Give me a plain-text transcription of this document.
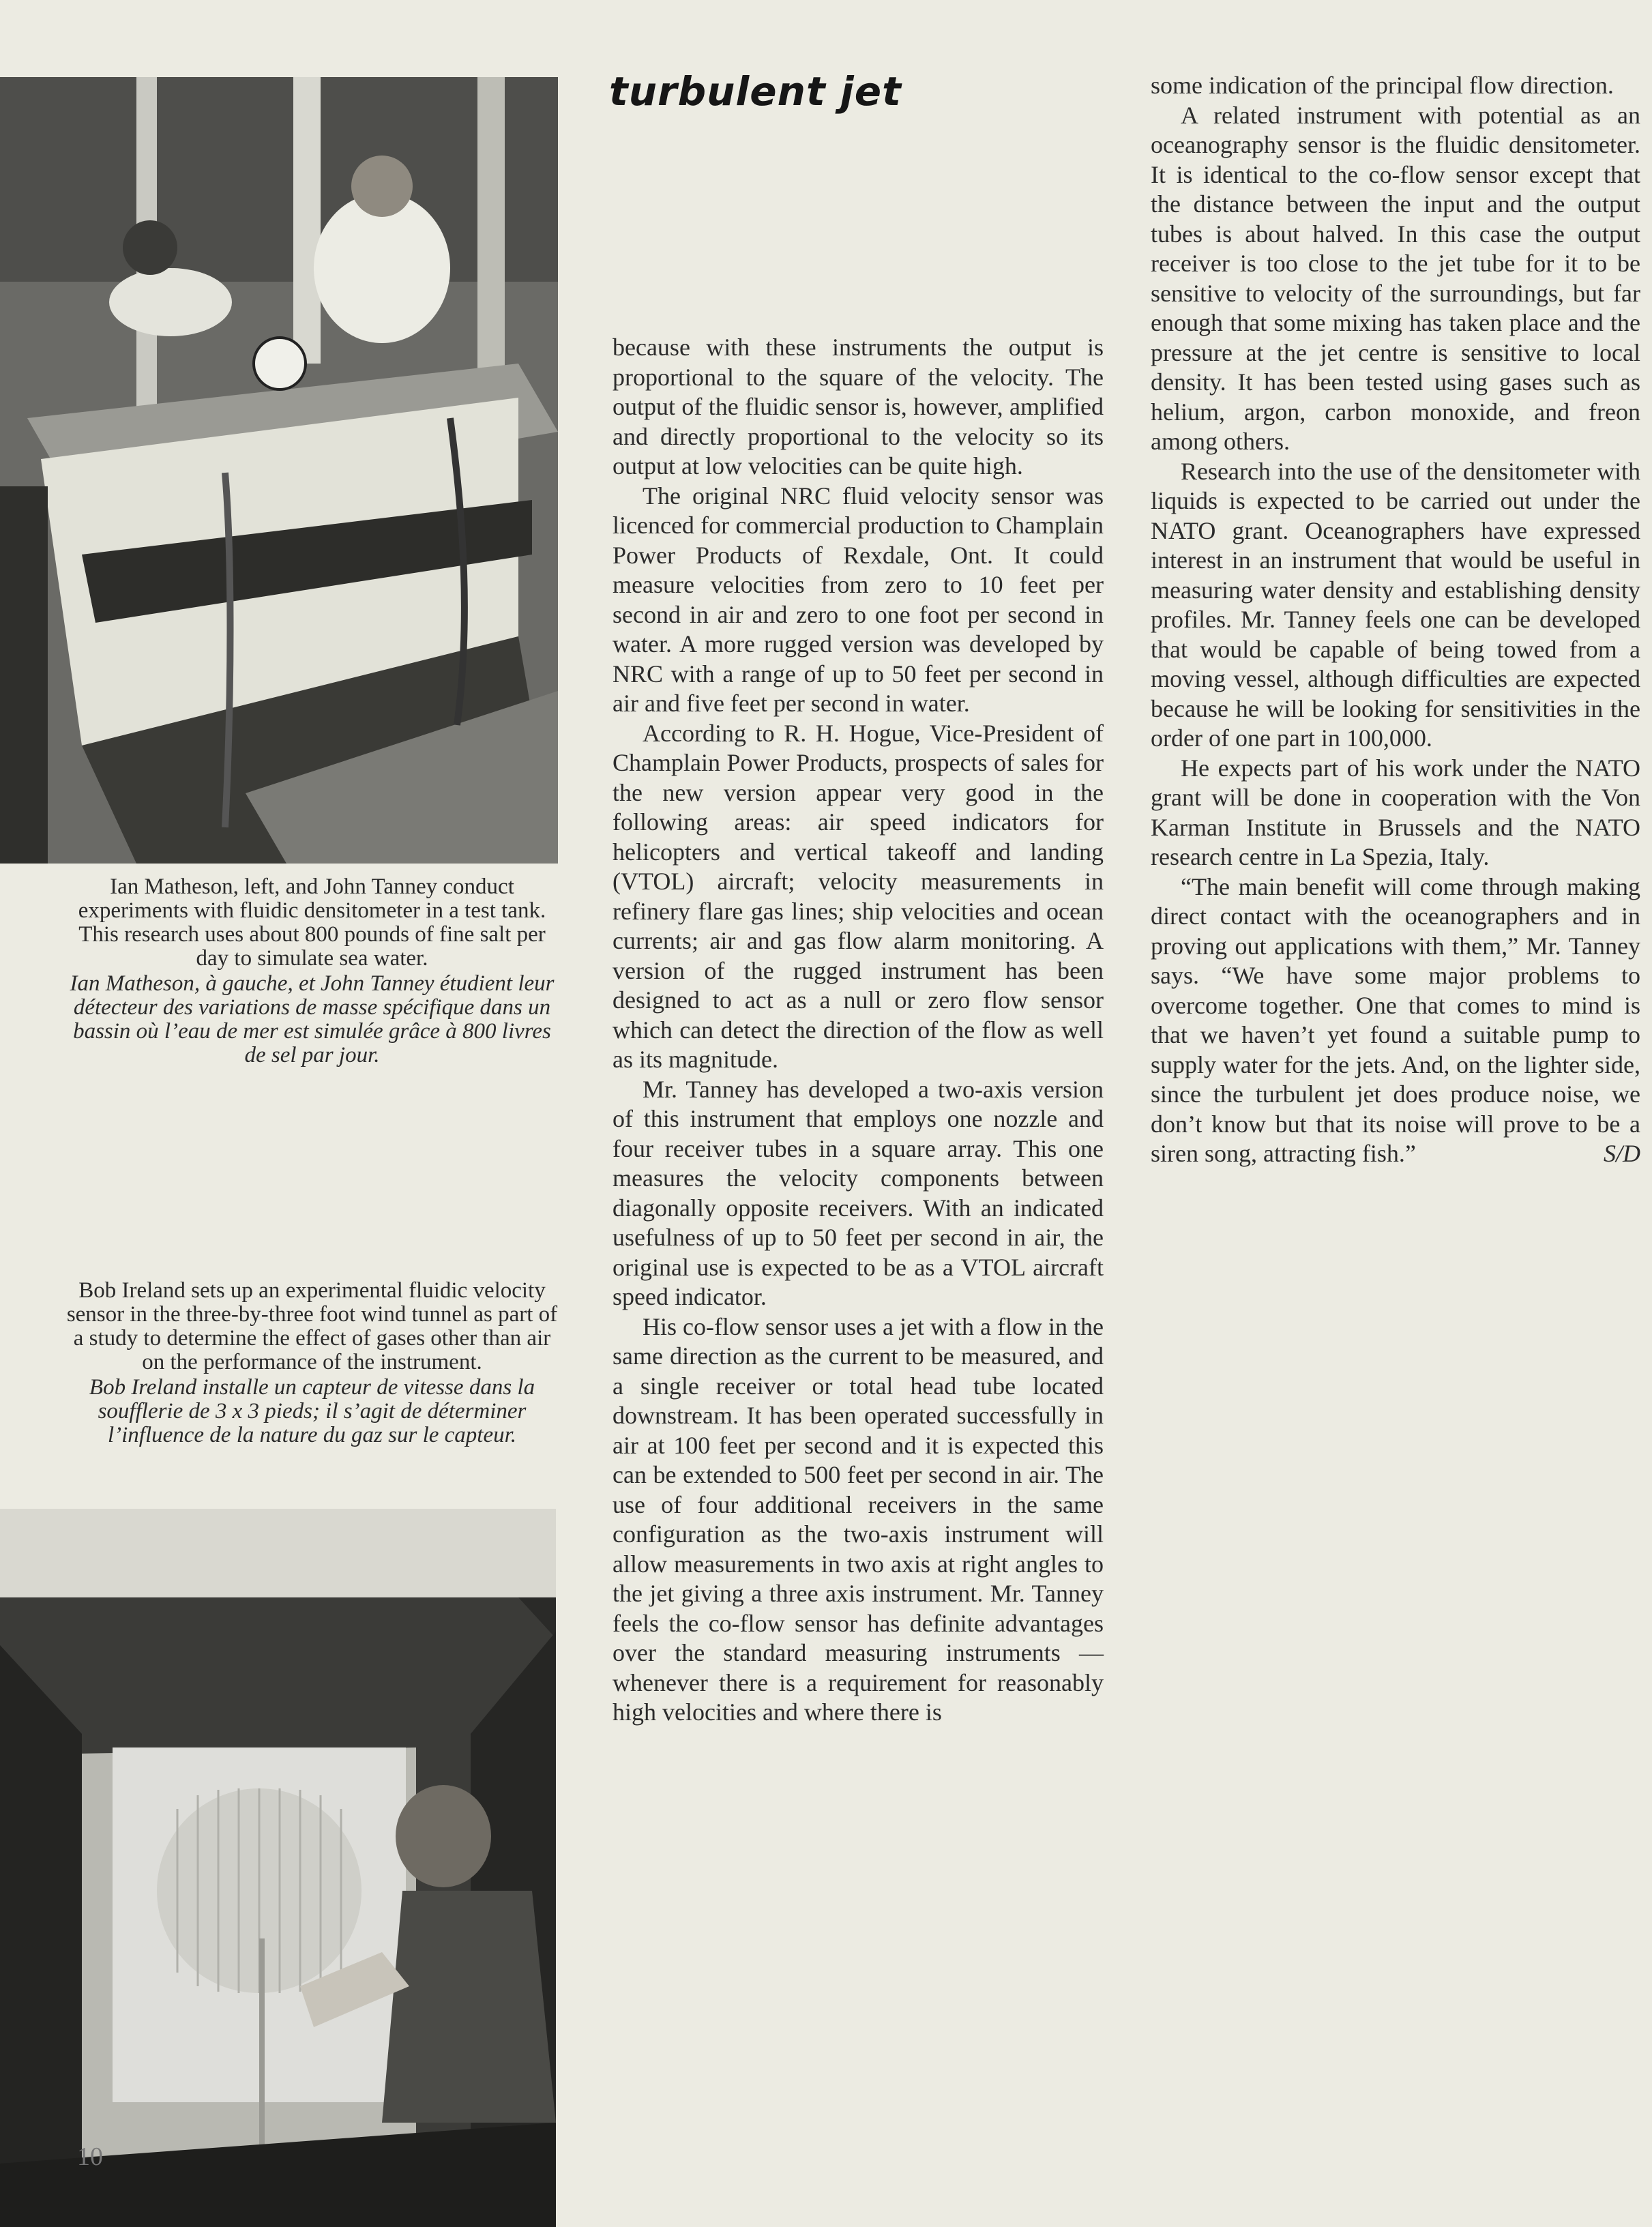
Ian Matheson, left, and John Tanney conduct experiments with fluidic densitometer in a test tank. This research uses about 800 pounds of fine salt per day to simulate sea water.

Ian Matheson, à gauche, et John Tanney étudient leur détecteur des variations de masse spécifique dans un bassin où l’eau de mer est simulée grâce à 800 livres de sel par jour.

Bob Ireland sets up an experimental fluidic velocity sensor in the three-by-three foot wind tunnel as part of a study to determine the effect of gases other than air on the performance of the instrument.

Bob Ireland installe un capteur de vitesse dans la soufflerie de 3 x 3 pieds; il s’agit de déterminer l’influence de la nature du gaz sur le capteur.

turbulent jet

because with these instruments the output is proportional to the square of the velocity. The output of the fluidic sensor is, however, amplified and directly proportional to the velocity so its output at low velocities can be quite high.

The original NRC fluid velocity sensor was licenced for commercial production to Champlain Power Products of Rexdale, Ont. It could measure velocities from zero to 10 feet per second in air and zero to one foot per second in water. A more rugged version was developed by NRC with a range of up to 50 feet per second in air and five feet per second in water.

According to R. H. Hogue, Vice-President of Champlain Power Products, prospects of sales for the new version appear very good in the following areas: air speed indicators for helicopters and vertical takeoff and landing (VTOL) aircraft; velocity measurements in refinery flare gas lines; ship velocities and ocean currents; air and gas flow alarm monitoring. A version of the rugged instrument has been designed to act as a null or zero flow sensor which can detect the direction of the flow as well as its magnitude.

Mr. Tanney has developed a two-axis version of this instrument that employs one nozzle and four receiver tubes in a square array. This one measures the velocity components between diagonally opposite receivers. With an indicated usefulness of up to 50 feet per second in air, the original use is expected to be as a VTOL aircraft speed indicator.

His co-flow sensor uses a jet with a flow in the same direction as the current to be measured, and a single receiver or total head tube located downstream. It has been operated successfully in air at 100 feet per second and it is expected this can be extended to 500 feet per second in air. The use of four additional receivers in the same configuration as the two-axis instrument will allow measurements in two axis at right angles to the jet giving a three axis instrument. Mr. Tanney feels the co-flow sensor has definite advantages over the standard measuring instruments — whenever there is a requirement for reasonably high velocities and where there is

some indication of the principal flow direction.

A related instrument with potential as an oceanography sensor is the fluidic densitometer. It is identical to the co-flow sensor except that the distance between the input and the output tubes is about halved. In this case the output receiver is too close to the jet tube for it to be sensitive to velocity of the surroundings, but far enough that some mixing has taken place and the pressure at the jet centre is sensitive to local density. It has been tested using gases such as helium, argon, carbon monoxide, and freon among others.

Research into the use of the densitometer with liquids is expected to be carried out under the NATO grant. Oceanographers have expressed interest in an instrument that would be useful in measuring water density and establishing density profiles. Mr. Tanney feels one can be developed that would be capable of being towed from a moving vessel, although difficulties are expected because he will be looking for sensitivities in the order of one part in 100,000.

He expects part of his work under the NATO grant will be done in cooperation with the Von Karman Institute in Brussels and the NATO research centre in La Spezia, Italy.

“The main benefit will come through making direct contact with the oceanographers and in proving out applications with them,” Mr. Tanney says. “We have some major problems to overcome together. One that comes to mind is that we haven’t yet found a suitable pump to supply water for the jets. And, on the lighter side, since the turbulent jet does produce noise, we don’t know but that its noise will prove to be a siren song, attracting fish.”	S/D

10
